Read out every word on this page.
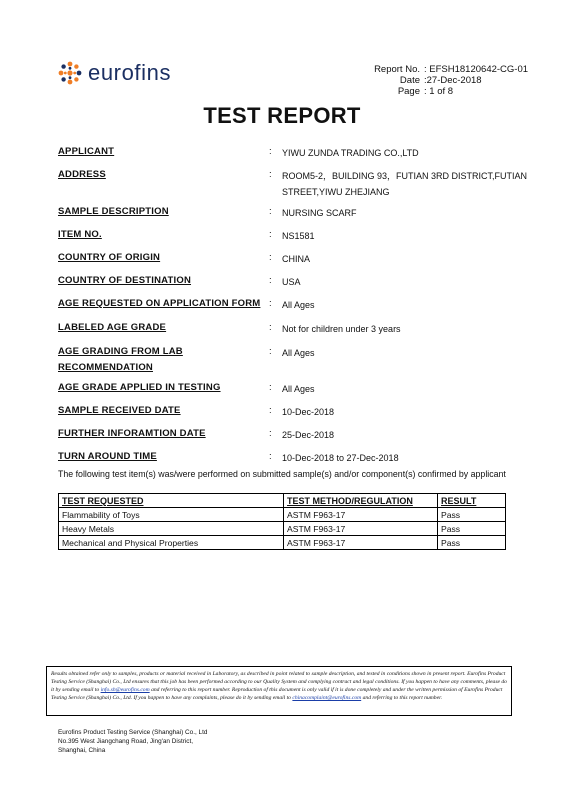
eurofins	Report No. : EFSH18120642-CG-01
Date :27-Dec-2018
Page : 1 of 8
TEST REPORT
APPLICANT	: YIWU ZUNDA TRADING CO.,LTD
ADDRESS	: ROOM5-2，BUILDING 93，FUTIAN 3RD DISTRICT,FUTIAN STREET,YIWU ZHEJIANG
SAMPLE DESCRIPTION	: NURSING SCARF
ITEM NO.	: NS1581
COUNTRY OF ORIGIN	: CHINA
COUNTRY OF DESTINATION	: USA
AGE REQUESTED ON APPLICATION FORM : All Ages
LABELED AGE GRADE	: Not for children under 3 years
AGE GRADING FROM LAB RECOMMENDATION
: All Ages
AGE GRADE APPLIED IN TESTING	: All Ages
SAMPLE RECEIVED DATE	: 10-Dec-2018
FURTHER INFORAMTION DATE	: 25-Dec-2018
TURN AROUND TIME	: 10-Dec-2018 to 27-Dec-2018
The following test item(s) was/were performed on submitted sample(s) and/or component(s) confirmed by applicant
TEST REQUESTED	TEST METHOD/REGULATION	RESULT
Flammability of Toys	ASTM F963-17	Pass
Heavy Metals	ASTM F963-17	Pass
Mechanical and Physical Properties	ASTM F963-17	Pass
Results obtained refer only to samples, products or material received in Laboratory, as described in point related to sample description, and tested in conditions shown in present report. Eurofins Product Testing Service (Shanghai) Co., Ltd ensures that this job has been performed according to our Quality System and complying contract and legal conditions. If you happen to have any comments, please do it by sending email to info.sh@eurofins.com and referring to this report number. Reproduction of this document is only valid if it is done completely and under the written permission of Eurofins Product Testing Service (Shanghai) Co., Ltd. If you happen to have any complaints, please do it by sending email to chinacomplaint@eurofins.com and referring to this report number.
Eurofins Product Testing Service (Shanghai) Co., Ltd
No.395 West Jiangchang Road, Jing'an District,
Shanghai, China
